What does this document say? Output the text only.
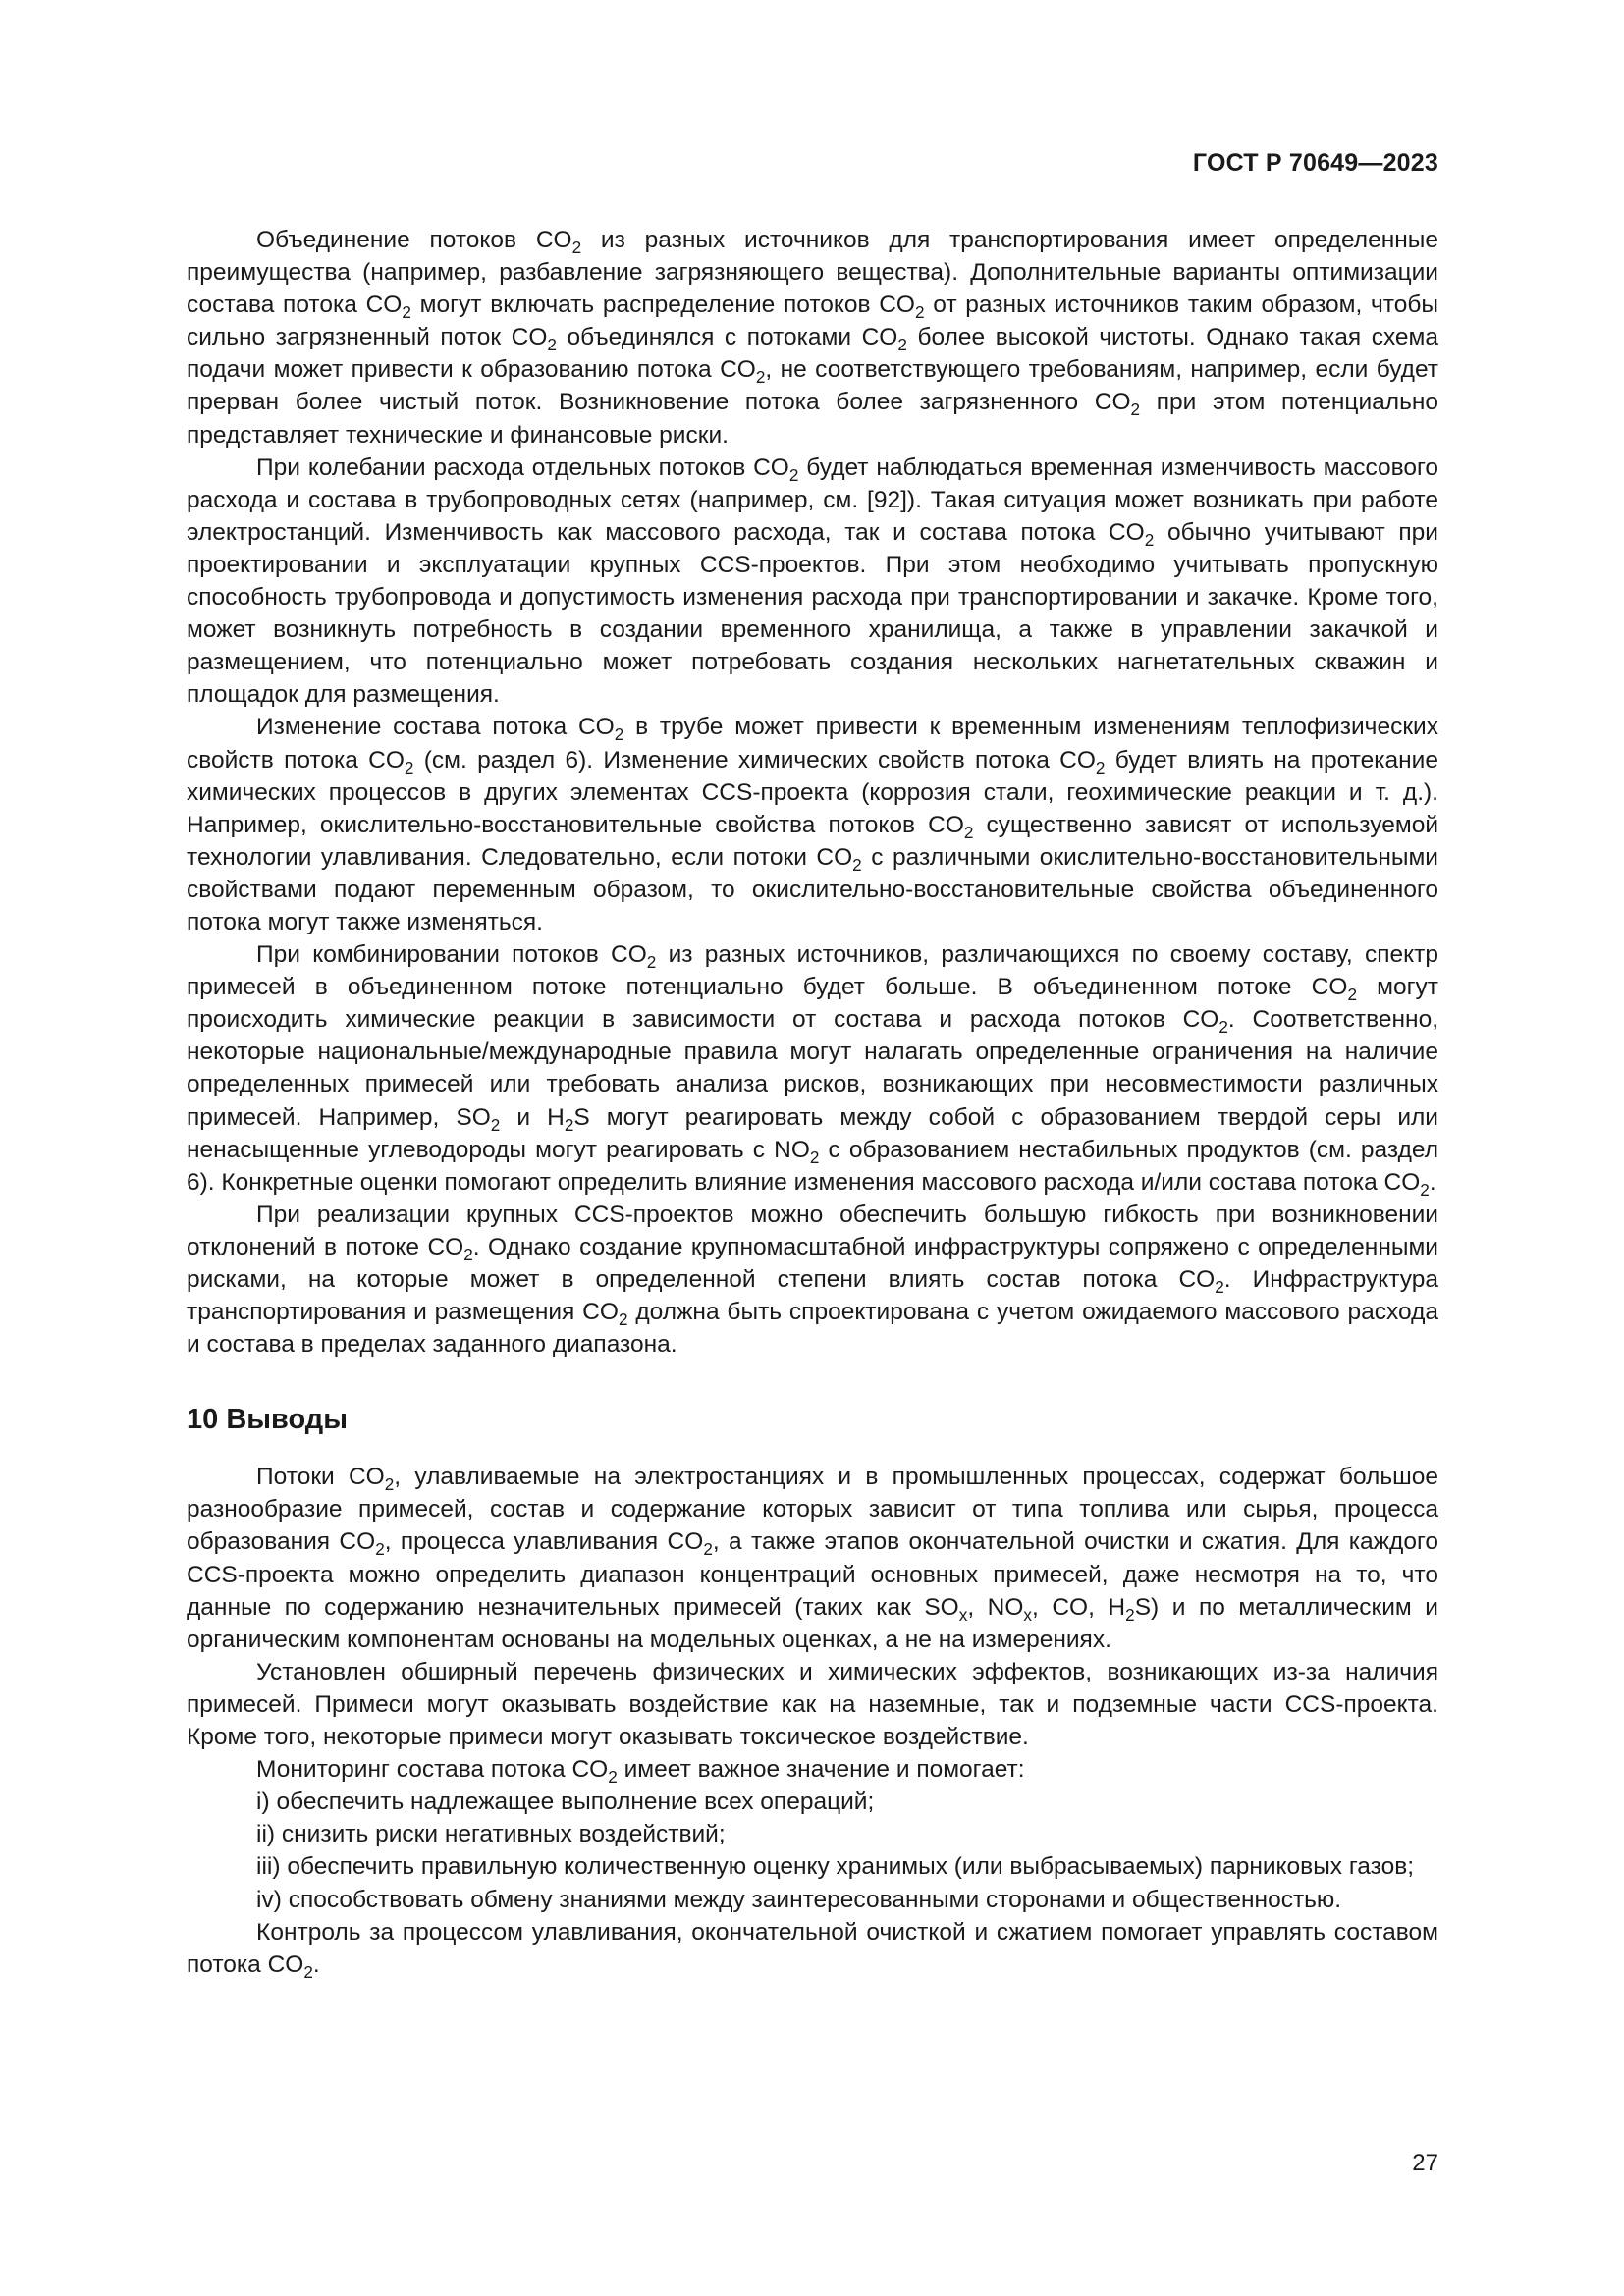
ГОСТ Р 70649—2023

Объединение потоков $CO_2$ из разных источников для транспортирования имеет определенные преимущества (например, разбавление загрязняющего вещества). Дополнительные варианты оптимизации состава потока $CO_2$ могут включать распределение потоков $CO_2$ от разных источников таким образом, чтобы сильно загрязненный поток $CO_2$ объединялся с потоками $CO_2$ более высокой чистоты. Однако такая схема подачи может привести к образованию потока $CO_2$, не соответствующего требованиям, например, если будет прерван более чистый поток. Возникновение потока более загрязненного $CO_2$ при этом потенциально представляет технические и финансовые риски.

При колебании расхода отдельных потоков $CO_2$ будет наблюдаться временная изменчивость массового расхода и состава в трубопроводных сетях (например, см. [92]). Такая ситуация может возникать при работе электростанций. Изменчивость как массового расхода, так и состава потока $CO_2$ обычно учитывают при проектировании и эксплуатации крупных CCS-проектов. При этом необходимо учитывать пропускную способность трубопровода и допустимость изменения расхода при транспортировании и закачке. Кроме того, может возникнуть потребность в создании временного хранилища, а также в управлении закачкой и размещением, что потенциально может потребовать создания нескольких нагнетательных скважин и площадок для размещения.

Изменение состава потока $CO_2$ в трубе может привести к временным изменениям теплофизических свойств потока $CO_2$ (см. раздел 6). Изменение химических свойств потока $CO_2$ будет влиять на протекание химических процессов в других элементах CCS-проекта (коррозия стали, геохимические реакции и т. д.). Например, окислительно-восстановительные свойства потоков $CO_2$ существенно зависят от используемой технологии улавливания. Следовательно, если потоки $CO_2$ с различными окислительно-восстановительными свойствами подают переменным образом, то окислительно-восстановительные свойства объединенного потока могут также изменяться.

При комбинировании потоков $CO_2$ из разных источников, различающихся по своему составу, спектр примесей в объединенном потоке потенциально будет больше. В объединенном потоке $CO_2$ могут происходить химические реакции в зависимости от состава и расхода потоков $CO_2$. Соответственно, некоторые национальные/международные правила могут налагать определенные ограничения на наличие определенных примесей или требовать анализа рисков, возникающих при несовместимости различных примесей. Например, $SO_2$ и $H_2S$ могут реагировать между собой с образованием твердой серы или ненасыщенные углеводороды могут реагировать с $NO_2$ с образованием нестабильных продуктов (см. раздел 6). Конкретные оценки помогают определить влияние изменения массового расхода и/или состава потока $CO_2$.

При реализации крупных CCS-проектов можно обеспечить большую гибкость при возникновении отклонений в потоке $CO_2$. Однако создание крупномасштабной инфраструктуры сопряжено с определенными рисками, на которые может в определенной степени влиять состав потока $CO_2$. Инфраструктура транспортирования и размещения $CO_2$ должна быть спроектирована с учетом ожидаемого массового расхода и состава в пределах заданного диапазона.

10 Выводы

Потоки $CO_2$, улавливаемые на электростанциях и в промышленных процессах, содержат большое разнообразие примесей, состав и содержание которых зависит от типа топлива или сырья, процесса образования $CO_2$, процесса улавливания $CO_2$, а также этапов окончательной очистки и сжатия. Для каждого CCS-проекта можно определить диапазон концентраций основных примесей, даже несмотря на то, что данные по содержанию незначительных примесей (таких как $SO_x$, $NO_x$, CO, $H_2S$) и по металлическим и органическим компонентам основаны на модельных оценках, а не на измерениях.

Установлен обширный перечень физических и химических эффектов, возникающих из-за наличия примесей. Примеси могут оказывать воздействие как на наземные, так и подземные части CCS-проекта. Кроме того, некоторые примеси могут оказывать токсическое воздействие.

Мониторинг состава потока $CO_2$ имеет важное значение и помогает:

i) обеспечить надлежащее выполнение всех операций;

ii) снизить риски негативных воздействий;

iii) обеспечить правильную количественную оценку хранимых (или выбрасываемых) парниковых газов;

iv) способствовать обмену знаниями между заинтересованными сторонами и общественностью.

Контроль за процессом улавливания, окончательной очисткой и сжатием помогает управлять составом потока $CO_2$.

27
